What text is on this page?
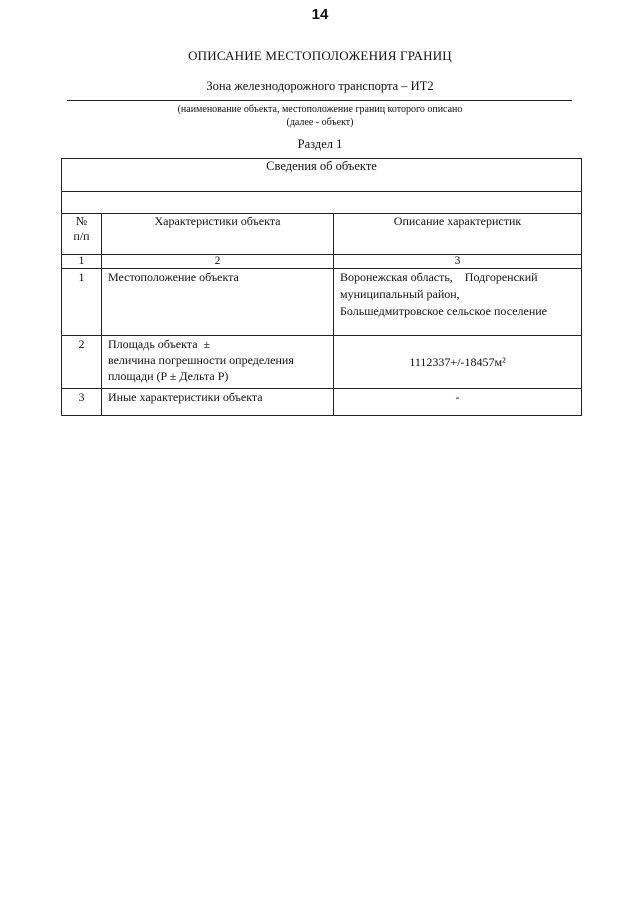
14
ОПИСАНИЕ МЕСТОПОЛОЖЕНИЯ ГРАНИЦ
Зона железнодорожного транспорта – ИТ2
(наименование объекта, местоположение границ которого описано
(далее - объект)
Раздел 1
Сведения об объекте		

№
п/п	Характеристики объекта	Описание характеристик
1	2	3
1	Местоположение объекта	Воронежская область,    Подгоренский
муниципальный район,
Большедмитровское сельское поселение

2	Площадь объекта  ±
величина погрешности определения
площади (P ± Дельта P)	1112337+/-18457м²
3	Иные характеристики объекта	-
